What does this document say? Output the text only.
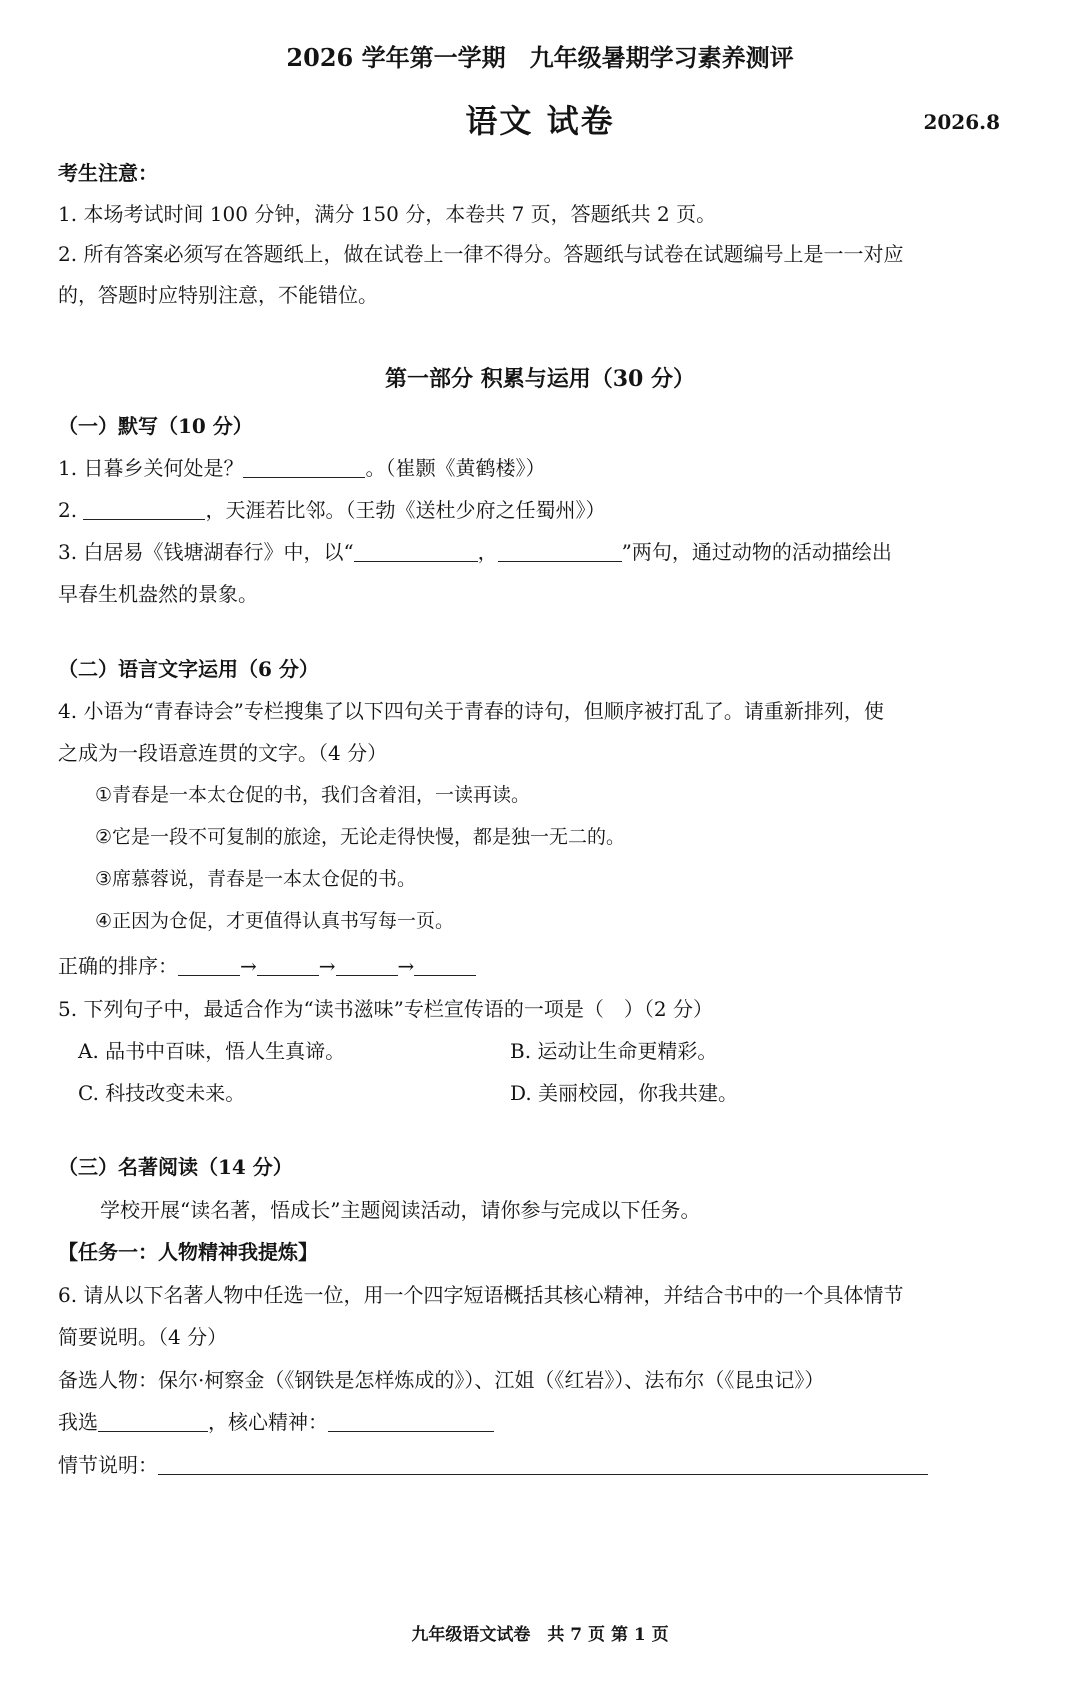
2026 学年第一学期　九年级暑期学习素养测评
语文 试卷	2026.8
考生注意：
1. 本场考试时间 100 分钟，满分 150 分，本卷共 7 页，答题纸共 2 页。
2. 所有答案必须写在答题纸上，做在试卷上一律不得分。答题纸与试卷在试题编号上是一一对应
的，答题时应特别注意，不能错位。
第一部分 积累与运用（30 分）
（一）默写（10 分）
1. 日暮乡关何处是？	。（崔颢《黄鹤楼》）
2.	，天涯若比邻。（王勃《送杜少府之任蜀州》）
3. 白居易《钱塘湖春行》中，以“	，	”两句，通过动物的活动描绘出
早春生机盎然的景象。
（二）语言文字运用（6 分）
4. 小语为“青春诗会”专栏搜集了以下四句关于青春的诗句，但顺序被打乱了。请重新排列，使
之成为一段语意连贯的文字。（4 分）
①青春是一本太仓促的书，我们含着泪，一读再读。
②它是一段不可复制的旅途，无论走得快慢，都是独一无二的。
③席慕蓉说，青春是一本太仓促的书。
④正因为仓促，才更值得认真书写每一页。
正确的排序：	→	→	→
5. 下列句子中，最适合作为“读书滋味”专栏宣传语的一项是（　）（2 分）
A. 品书中百味，悟人生真谛。	B. 运动让生命更精彩。
C. 科技改变未来。	D. 美丽校园，你我共建。
（三）名著阅读（14 分）
学校开展“读名著，悟成长”主题阅读活动，请你参与完成以下任务。
【任务一：人物精神我提炼】
6. 请从以下名著人物中任选一位，用一个四字短语概括其核心精神，并结合书中的一个具体情节
简要说明。（4 分）
备选人物：保尔·柯察金（《钢铁是怎样炼成的》）、江姐（《红岩》）、法布尔（《昆虫记》）
我选	，核心精神：
情节说明：
九年级语文试卷　共 7 页 第 1 页
